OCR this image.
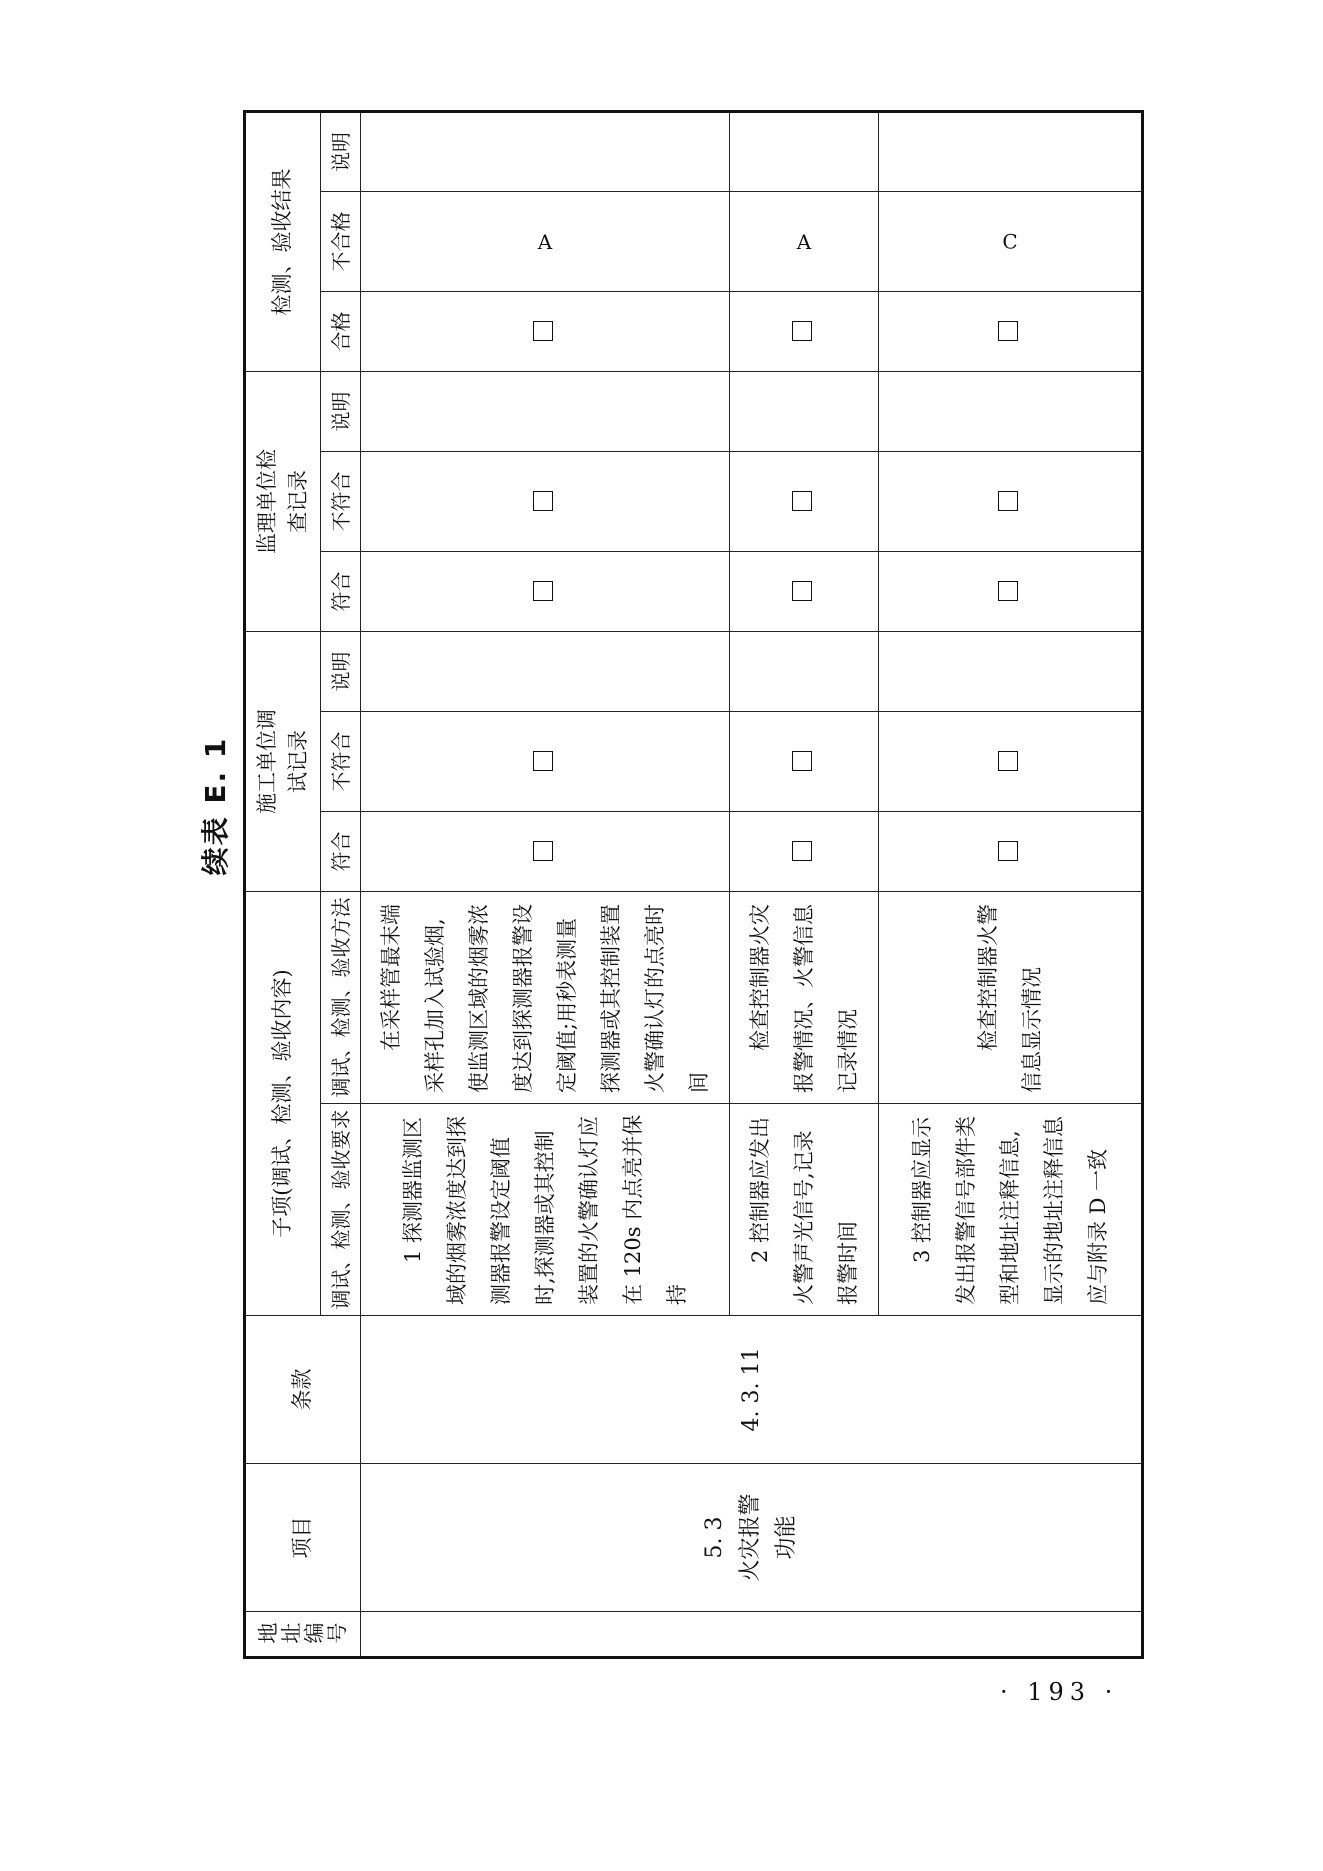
续表 E. 1
地址编号	项目	条款	子项(调试、检测、验收内容)		施工单位调试记录			监理单位检查记录			检测、验收结果		

			调试、检测、验收要求	调试、检测、验收方法	符合	不符合	说明	符合	不符合	说明	合格	不合格	说明

	5. 3 火灾报警功能	4. 3. 11	1 探测器监测区域的烟雾浓度达到探测器报警设定阈值时,探测器或其控制装置的火警确认灯应在 120s 内点亮并保持	在采样管最末端采样孔加入试验烟,使监测区域的烟雾浓度达到探测器报警设定阈值;用秒表测量探测器或其控制装置火警确认灯的点亮时间								A	
			2 控制器应发出火警声光信号,记录报警时间	检查控制器火灾报警情况、火警信息记录情况								A	
			3 控制器应显示发出报警信号部件类型和地址注释信息,显示的地址注释信息应与附录 D 一致	检查控制器火警信息显示情况								C	
· 193 ·
